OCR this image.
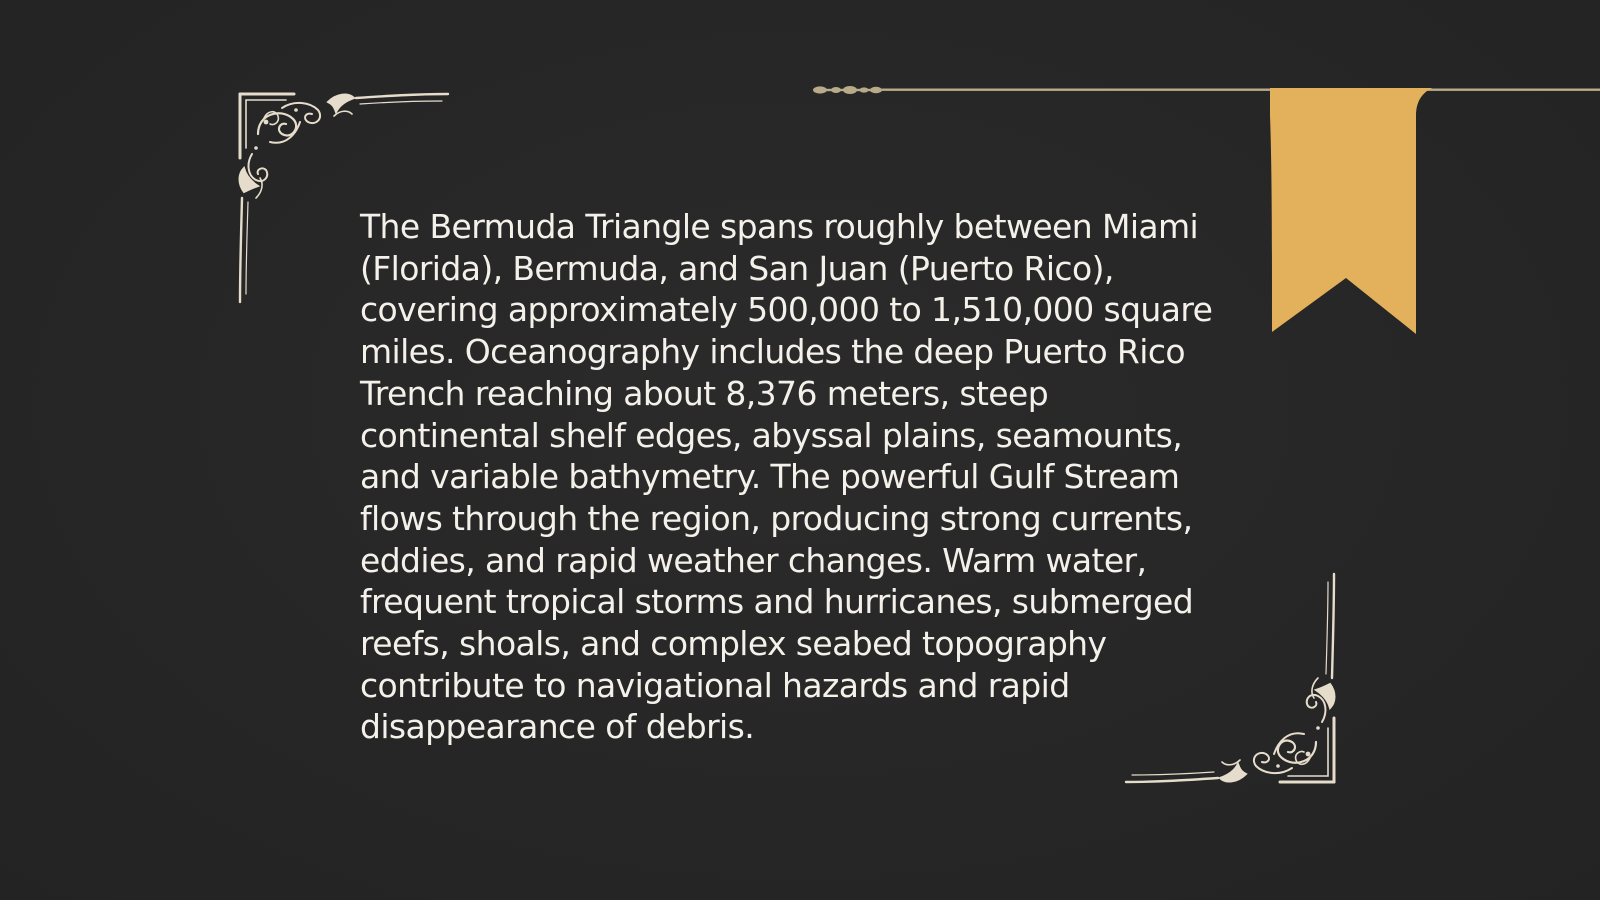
The Bermuda Triangle spans roughly between Miami
(Florida), Bermuda, and San Juan (Puerto Rico),
covering approximately 500,000 to 1,510,000 square
miles. Oceanography includes the deep Puerto Rico
Trench reaching about 8,376 meters, steep
continental shelf edges, abyssal plains, seamounts,
and variable bathymetry. The powerful Gulf Stream
flows through the region, producing strong currents,
eddies, and rapid weather changes. Warm water,
frequent tropical storms and hurricanes, submerged
reefs, shoals, and complex seabed topography
contribute to navigational hazards and rapid
disappearance of debris.
